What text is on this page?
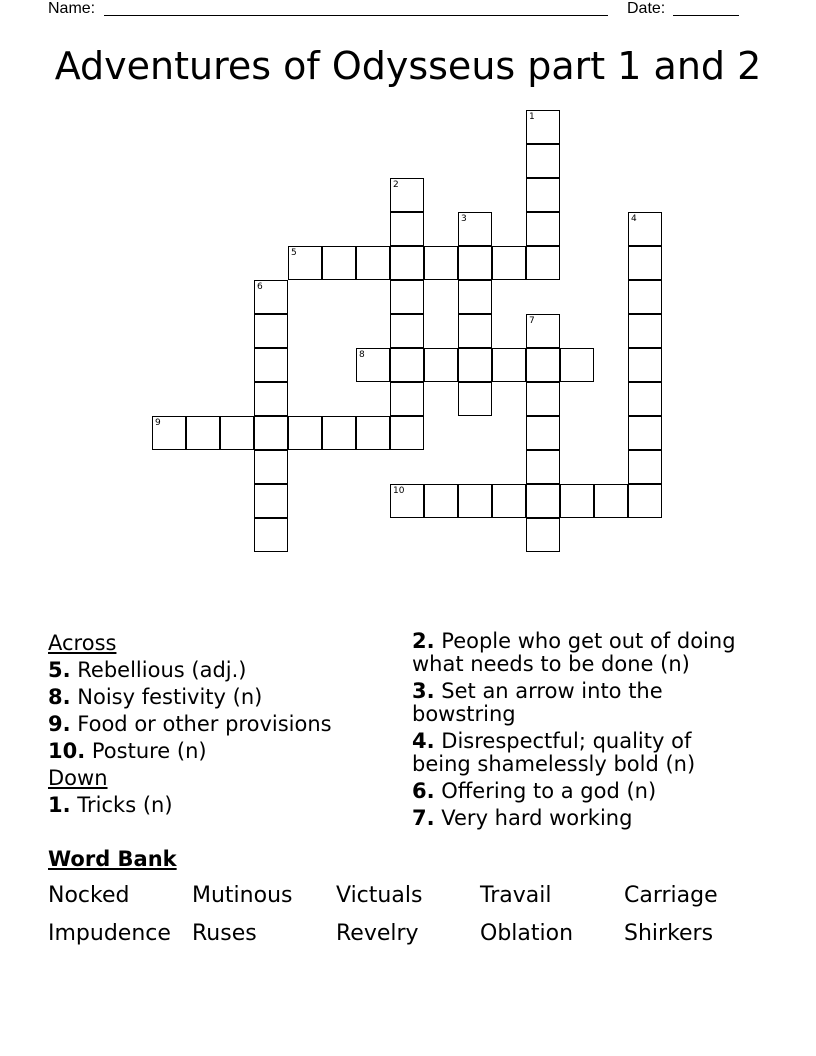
Name:	Date:
Adventures of Odysseus part 1 and 2
1
2
3	4
5
6
7
8
9
10
Across
5. Rebellious (adj.)
8. Noisy festivity (n)
9. Food or other provisions
10. Posture (n)
Down
1. Tricks (n)
2. People who get out of doing what needs to be done (n)
3. Set an arrow into the bowstring
4. Disrespectful; quality of being shamelessly bold (n)
6. Offering to a god (n)
7. Very hard working
Word Bank
Nocked	Mutinous	Victuals	Travail	Carriage
Impudence Ruses	Revelry	Oblation	Shirkers
